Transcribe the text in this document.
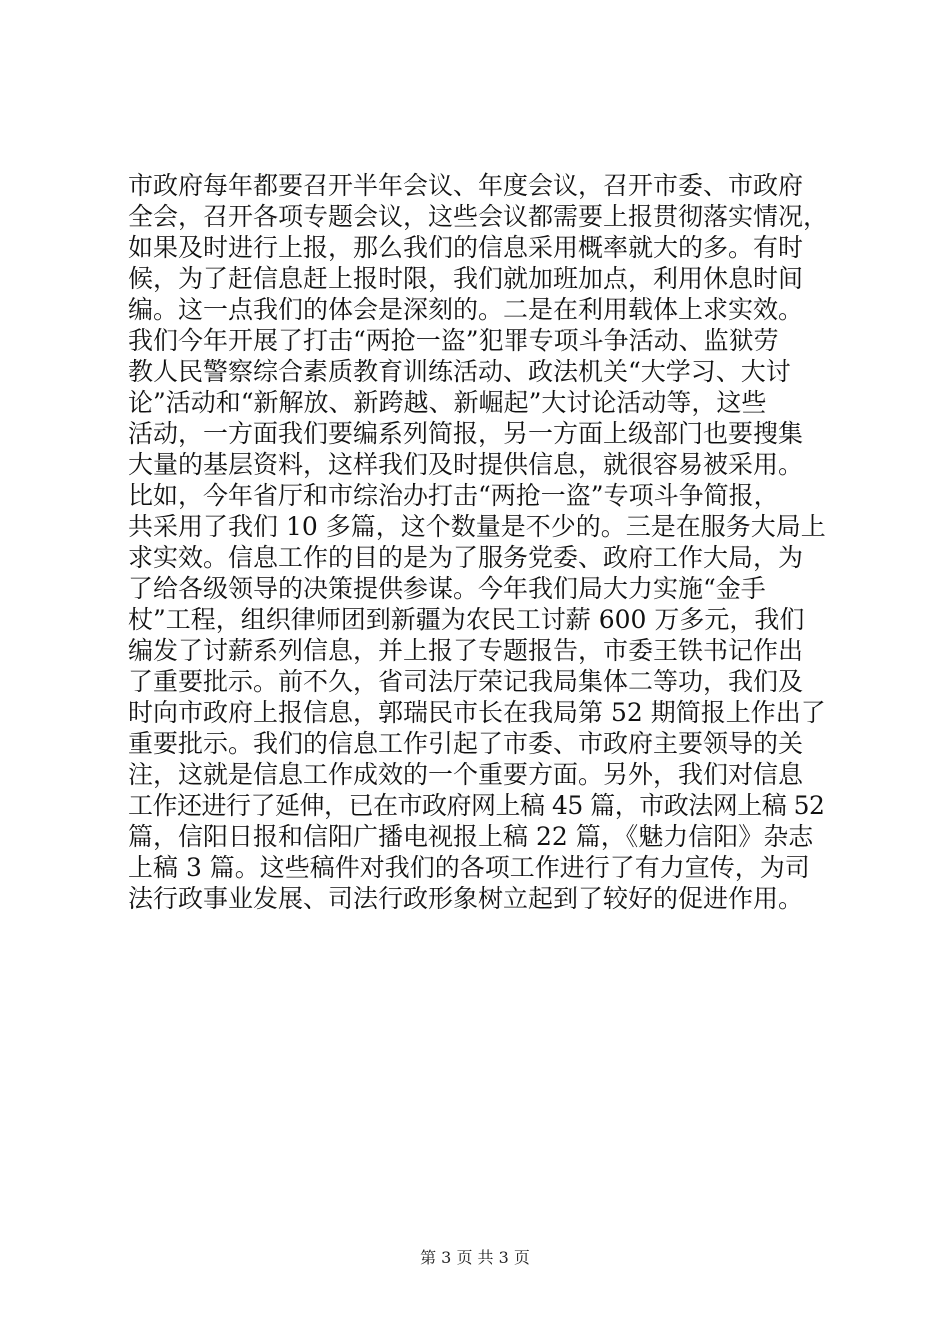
市政府每年都要召开半年会议、年度会议，召开市委、市政府
全会，召开各项专题会议，这些会议都需要上报贯彻落实情况，
如果及时进行上报，那么我们的信息采用概率就大的多。有时
候，为了赶信息赶上报时限，我们就加班加点，利用休息时间
编。这一点我们的体会是深刻的。二是在利用载体上求实效。
我们今年开展了打击“两抢一盗”犯罪专项斗争活动、监狱劳
教人民警察综合素质教育训练活动、政法机关“大学习、大讨
论”活动和“新解放、新跨越、新崛起”大讨论活动等，这些
活动，一方面我们要编系列简报，另一方面上级部门也要搜集
大量的基层资料，这样我们及时提供信息，就很容易被采用。
比如，今年省厅和市综治办打击“两抢一盗”专项斗争简报，
共采用了我们 10 多篇，这个数量是不少的。三是在服务大局上
求实效。信息工作的目的是为了服务党委、政府工作大局，为
了给各级领导的决策提供参谋。今年我们局大力实施“金手
杖”工程，组织律师团到新疆为农民工讨薪 600 万多元，我们
编发了讨薪系列信息，并上报了专题报告，市委王铁书记作出
了重要批示。前不久，省司法厅荣记我局集体二等功，我们及
时向市政府上报信息，郭瑞民市长在我局第 52 期简报上作出了
重要批示。我们的信息工作引起了市委、市政府主要领导的关
注，这就是信息工作成效的一个重要方面。另外，我们对信息
工作还进行了延伸，已在市政府网上稿 45 篇，市政法网上稿 52
篇，信阳日报和信阳广播电视报上稿 22 篇，《魅力信阳》杂志
上稿 3 篇。这些稿件对我们的各项工作进行了有力宣传，为司
法行政事业发展、司法行政形象树立起到了较好的促进作用。
第 3 页 共 3 页
